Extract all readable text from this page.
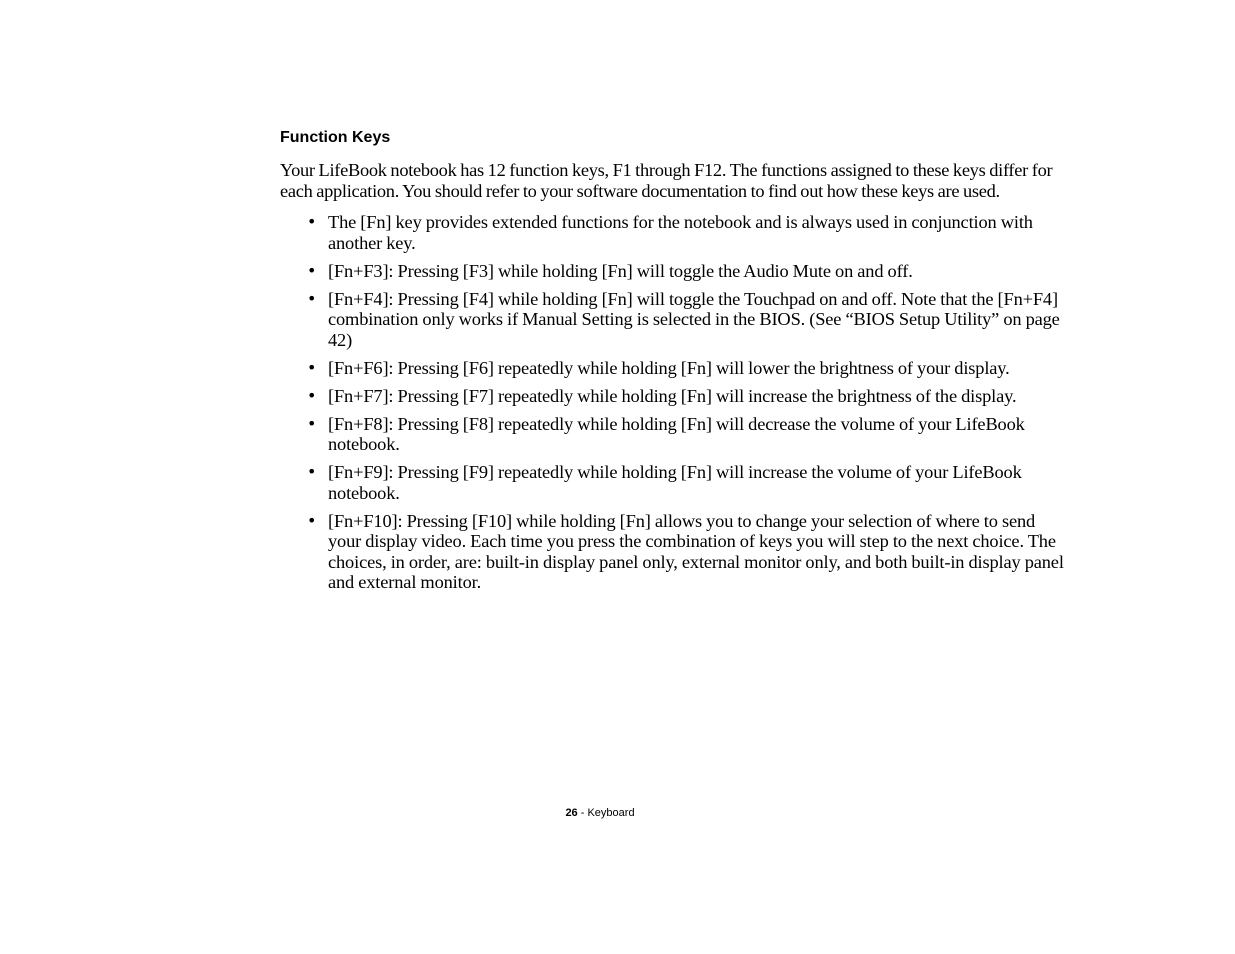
Function Keys

Your LifeBook notebook has 12 function keys, F1 through F12. The functions assigned to these keys differ for each application. You should refer to your software documentation to find out how these keys are used.

• The [Fn] key provides extended functions for the notebook and is always used in conjunction with another key.
• [Fn+F3]: Pressing [F3] while holding [Fn] will toggle the Audio Mute on and off.
• [Fn+F4]: Pressing [F4] while holding [Fn] will toggle the Touchpad on and off. Note that the [Fn+F4] combination only works if Manual Setting is selected in the BIOS. (See “BIOS Setup Utility” on page 42)
• [Fn+F6]: Pressing [F6] repeatedly while holding [Fn] will lower the brightness of your display.
• [Fn+F7]: Pressing [F7] repeatedly while holding [Fn] will increase the brightness of the display.
• [Fn+F8]: Pressing [F8] repeatedly while holding [Fn] will decrease the volume of your LifeBook notebook.
• [Fn+F9]: Pressing [F9] repeatedly while holding [Fn] will increase the volume of your LifeBook notebook.
• [Fn+F10]: Pressing [F10] while holding [Fn] allows you to change your selection of where to send your display video. Each time you press the combination of keys you will step to the next choice. The choices, in order, are: built-in display panel only, external monitor only, and both built-in display panel and external monitor.
26 - Keyboard
